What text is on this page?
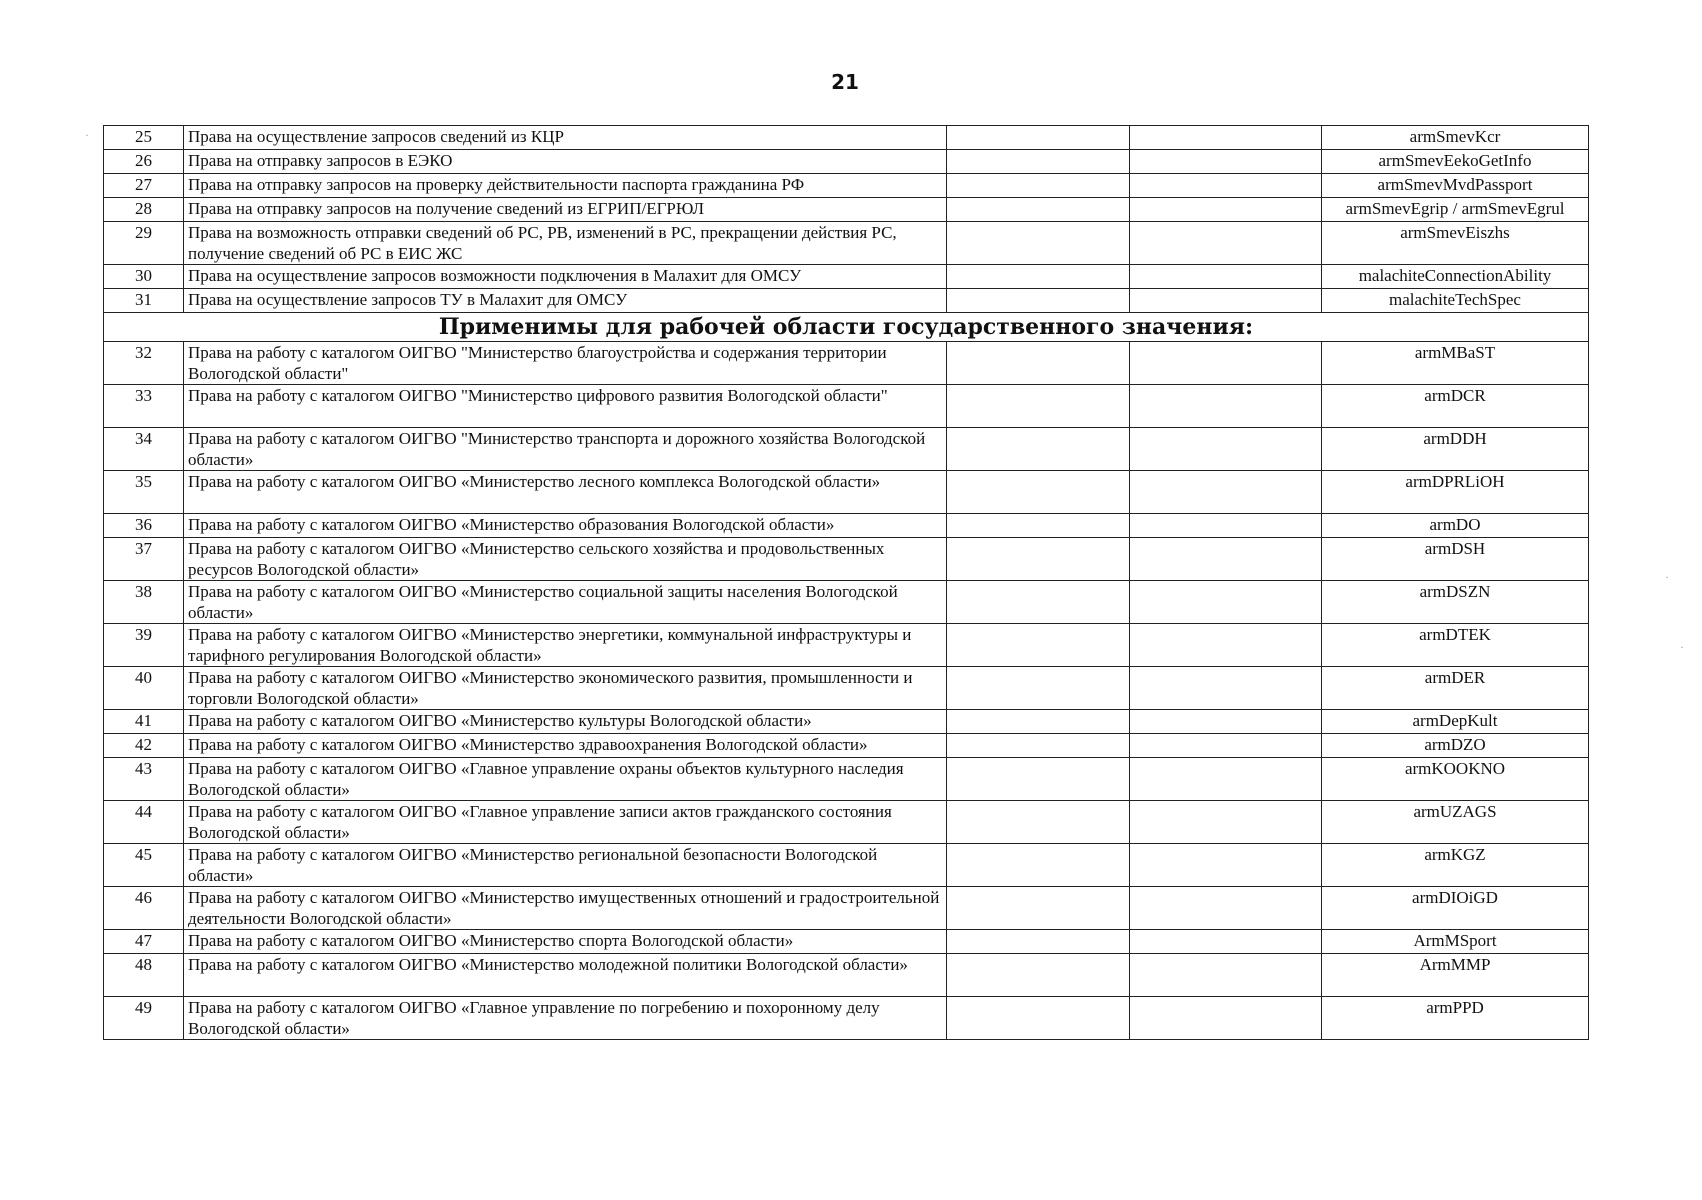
21
25	Права на осуществление запросов сведений из КЦР			armSmevKcr
26	Права на отправку запросов в ЕЭКО			armSmevEekoGetInfo
27	Права на отправку запросов на проверку действительности паспорта гражданина РФ			armSmevMvdPassport
28	Права на отправку запросов на получение сведений из ЕГРИП/ЕГРЮЛ			armSmevEgrip / armSmevEgrul
29	Права на возможность отправки сведений об РС, РВ, изменений в РС, прекращении действия РС, получение сведений об РС в ЕИС ЖС			armSmevEiszhs
30	Права на осуществление запросов возможности подключения в Малахит для ОМСУ			malachiteConnectionAbility
31	Права на осуществление запросов ТУ в Малахит для ОМСУ			malachiteTechSpec
Применимы для рабочей области государственного значения:				
32	Права на работу с каталогом ОИГВО "Министерство благоустройства и содержания территории Вологодской области"			armMBaST
33	Права на работу с каталогом ОИГВО "Министерство цифрового развития Вологодской области"			armDCR
34	Права на работу с каталогом ОИГВО "Министерство транспорта и дорожного хозяйства Вологодской области»			armDDH
35	Права на работу с каталогом ОИГВО «Министерство лесного комплекса Вологодской области»			armDPRLiOH
36	Права на работу с каталогом ОИГВО «Министерство образования Вологодской области»			armDO
37	Права на работу с каталогом ОИГВО «Министерство сельского хозяйства и продовольственных ресурсов Вологодской области»			armDSH
38	Права на работу с каталогом ОИГВО «Министерство социальной защиты населения Вологодской области»			armDSZN
39	Права на работу с каталогом ОИГВО «Министерство энергетики, коммунальной инфраструктуры и тарифного регулирования Вологодской области»			armDTEK
40	Права на работу с каталогом ОИГВО «Министерство экономического развития, промышленности и торговли Вологодской области»			armDER
41	Права на работу с каталогом ОИГВО «Министерство культуры Вологодской области»			armDepKult
42	Права на работу с каталогом ОИГВО «Министерство здравоохранения Вологодской области»			armDZO
43	Права на работу с каталогом ОИГВО «Главное управление охраны объектов культурного наследия Вологодской области»			armKOOKNO
44	Права на работу с каталогом ОИГВО «Главное управление записи актов гражданского состояния Вологодской области»			armUZAGS
45	Права на работу с каталогом ОИГВО «Министерство региональной безопасности Вологодской области»			armKGZ
46	Права на работу с каталогом ОИГВО «Министерство имущественных отношений и градостроительной деятельности Вологодской области»			armDIOiGD
47	Права на работу с каталогом ОИГВО «Министерство спорта Вологодской области»			ArmMSport
48	Права на работу с каталогом ОИГВО «Министерство молодежной политики Вологодской области»			ArmMMP
49	Права на работу с каталогом ОИГВО «Главное управление по погребению и похоронному делу Вологодской области»			armPPD
·
·
·
